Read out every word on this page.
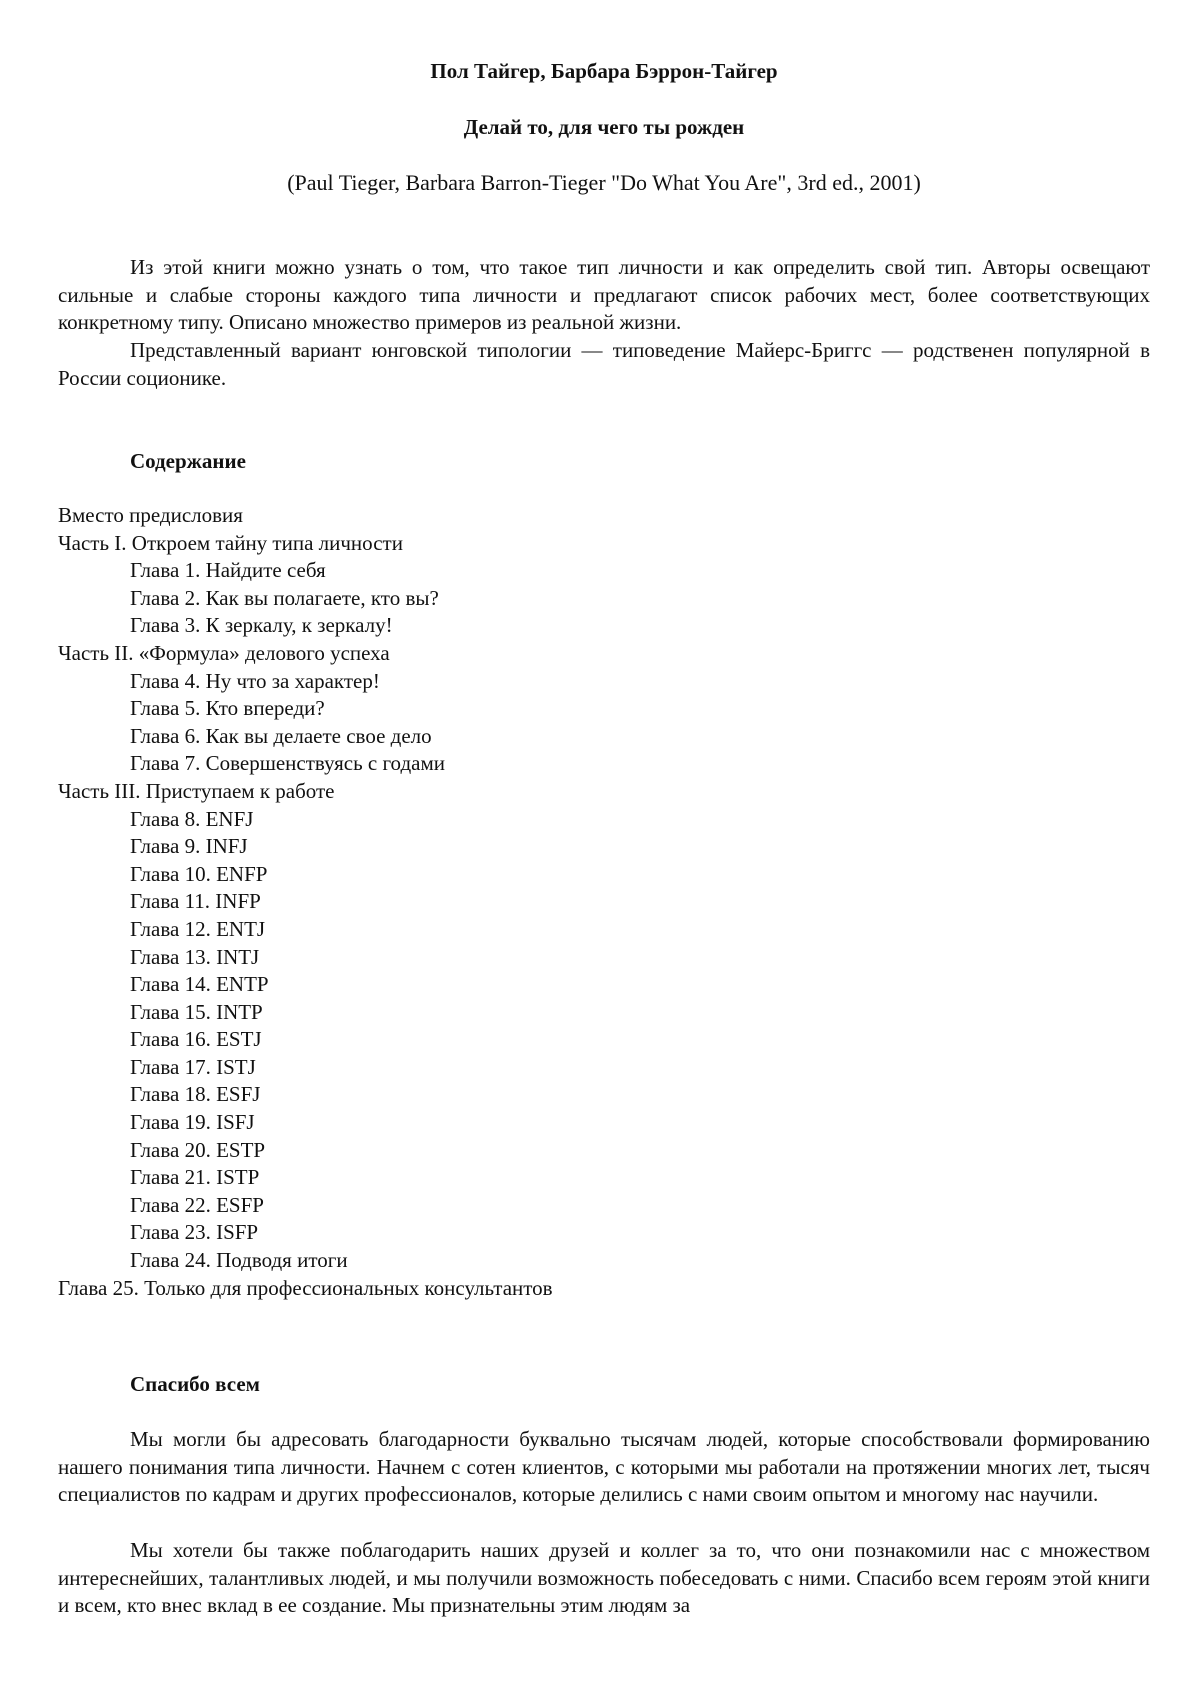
Пол Тайгер, Барбара Бэррон-Тайгер
Делай то, для чего ты рожден
(Paul Tieger, Barbara Barron-Tieger "Do What You Are", 3rd ed., 2001)

Из этой книги можно узнать о том, что такое тип личности и как определить свой тип. Авторы освещают сильные и слабые стороны каждого типа личности и предлагают список рабочих мест, более соответствующих конкретному типу. Описано множество примеров из реальной жизни.

Представленный вариант юнговской типологии — типоведение Майерс-Бриггс — родственен популярной в России соционике.

Содержание
Вместо предисловия
Часть I. Откроем тайну типа личности
Глава 1. Найдите себя
Глава 2. Как вы полагаете, кто вы?
Глава 3. К зеркалу, к зеркалу!
Часть II. «Формула» делового успеха
Глава 4. Ну что за характер!
Глава 5. Кто впереди?
Глава 6. Как вы делаете свое дело
Глава 7. Совершенствуясь с годами
Часть III. Приступаем к работе
Глава 8. ENFJ
Глава 9. INFJ
Глава 10. ENFP
Глава 11. INFP
Глава 12. ENTJ
Глава 13. INTJ
Глава 14. ENTP
Глава 15. INTP
Глава 16. ESTJ
Глава 17. ISTJ
Глава 18. ESFJ
Глава 19. ISFJ
Глава 20. ESTP
Глава 21. ISTP
Глава 22. ESFP
Глава 23. ISFP
Глава 24. Подводя итоги
Глава 25. Только для профессиональных консультантов
Спасибо всем

Мы могли бы адресовать благодарности буквально тысячам людей, которые способствовали формированию нашего понимания типа личности. Начнем с сотен клиентов, с которыми мы работали на протяжении многих лет, тысяч специалистов по кадрам и других профессионалов, которые делились с нами своим опытом и многому нас научили.

Мы хотели бы также поблагодарить наших друзей и коллег за то, что они познакомили нас с множеством интереснейших, талантливых людей, и мы получили возможность побеседовать с ними. Спасибо всем героям этой книги и всем, кто внес вклад в ее создание. Мы признательны этим людям за
